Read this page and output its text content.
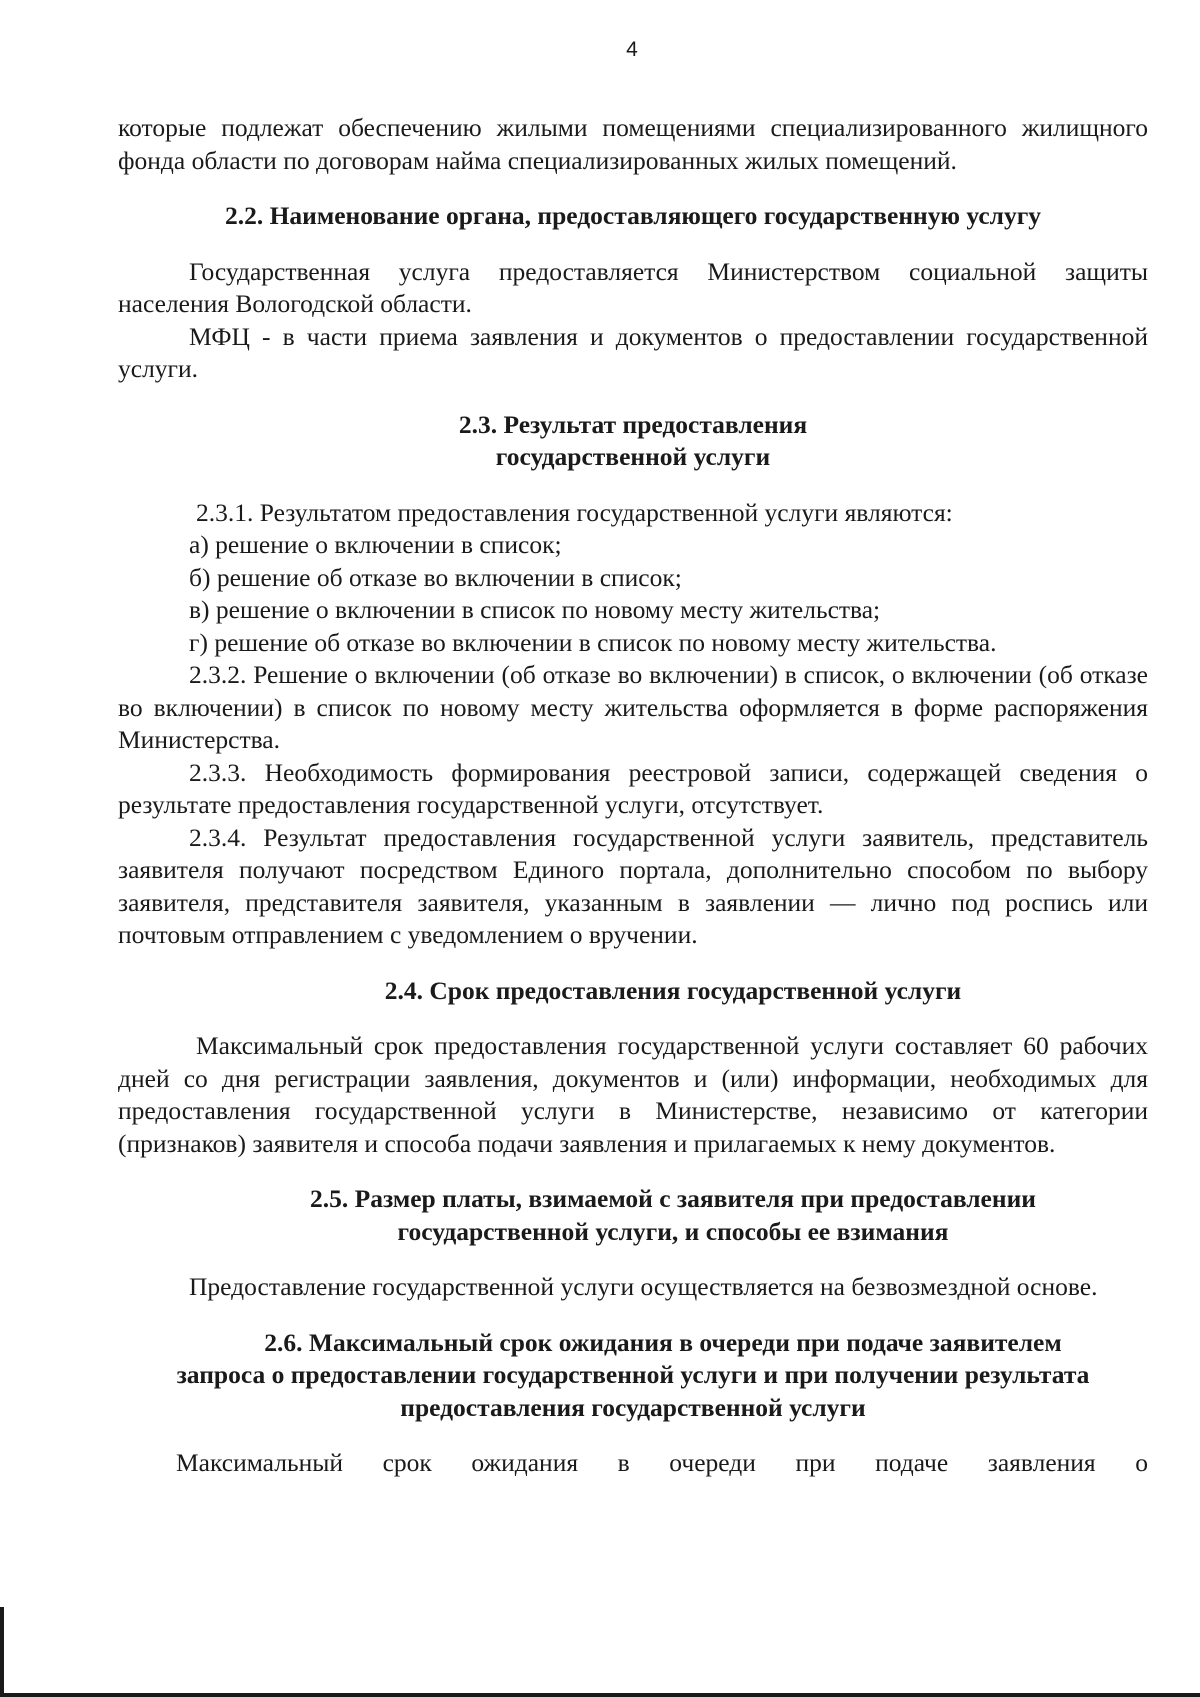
4

которые подлежат обеспечению жилыми помещениями специализированного жилищного фонда области по договорам найма специализированных жилых помещений.

2.2. Наименование органа, предоставляющего государственную услугу

Государственная услуга предоставляется Министерством социальной защиты населения Вологодской области.

МФЦ - в части приема заявления и документов о предоставлении государственной услуги.

2.3. Результат предоставления
государственной услуги

2.3.1. Результатом предоставления государственной услуги являются:

а) решение о включении в список;

б) решение об отказе во включении в список;

в) решение о включении в список по новому месту жительства;

г) решение об отказе во включении в список по новому месту жительства.

2.3.2. Решение о включении (об отказе во включении) в список, о включении (об отказе во включении) в список по новому месту жительства оформляется в форме распоряжения Министерства.

2.3.3. Необходимость формирования реестровой записи, содержащей сведения о результате предоставления государственной услуги, отсутствует.

2.3.4. Результат предоставления государственной услуги заявитель, представитель заявителя получают посредством Единого портала, дополнительно способом по выбору заявителя, представителя заявителя, указанным в заявлении — лично под роспись или почтовым отправлением с уведомлением о вручении.

2.4. Срок предоставления государственной услуги

Максимальный срок предоставления государственной услуги составляет 60 рабочих дней со дня регистрации заявления, документов и (или) информации, необходимых для предоставления государственной услуги в Министерстве, независимо от категории (признаков) заявителя и способа подачи заявления и прилагаемых к нему документов.

2.5. Размер платы, взимаемой с заявителя при предоставлении
государственной услуги, и способы ее взимания

Предоставление государственной услуги осуществляется на безвозмездной основе.

2.6. Максимальный срок ожидания в очереди при подаче заявителем
запроса о предоставлении государственной услуги и при получении результата
предоставления государственной услуги

Максимальный срок ожидания в очереди при подаче заявления о
